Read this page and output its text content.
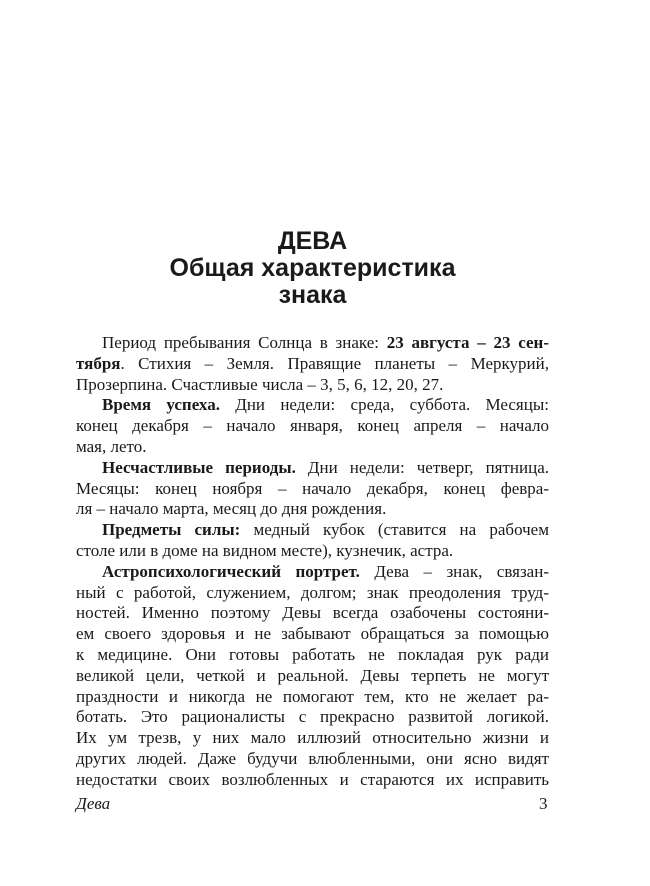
ДЕВА
Общая характеристика
знака
Период пребывания Солнца в знаке: 23 августа – 23 сен-
тября. Стихия – Земля. Правящие планеты – Меркурий,
Прозерпина. Счастливые числа – 3, 5, 6, 12, 20, 27.
Время успеха. Дни недели: среда, суббота. Месяцы:
конец декабря – начало января, конец апреля – начало
мая, лето.
Несчастливые периоды. Дни недели: четверг, пятница.
Месяцы: конец ноября – начало декабря, конец февра-
ля – начало марта, месяц до дня рождения.
Предметы силы: медный кубок (ставится на рабочем
столе или в доме на видном месте), кузнечик, астра.
Астропсихологический портрет. Дева – знак, связан-
ный с работой, служением, долгом; знак преодоления труд-
ностей. Именно поэтому Девы всегда озабочены состояни-
ем своего здоровья и не забывают обращаться за помощью
к медицине. Они готовы работать не покладая рук ради
великой цели, четкой и реальной. Девы терпеть не могут
праздности и никогда не помогают тем, кто не желает ра-
ботать. Это рационалисты с прекрасно развитой логикой.
Их ум трезв, у них мало иллюзий относительно жизни и
других людей. Даже будучи влюбленными, они ясно видят
недостатки своих возлюбленных и стараются их исправить
Дева	3
